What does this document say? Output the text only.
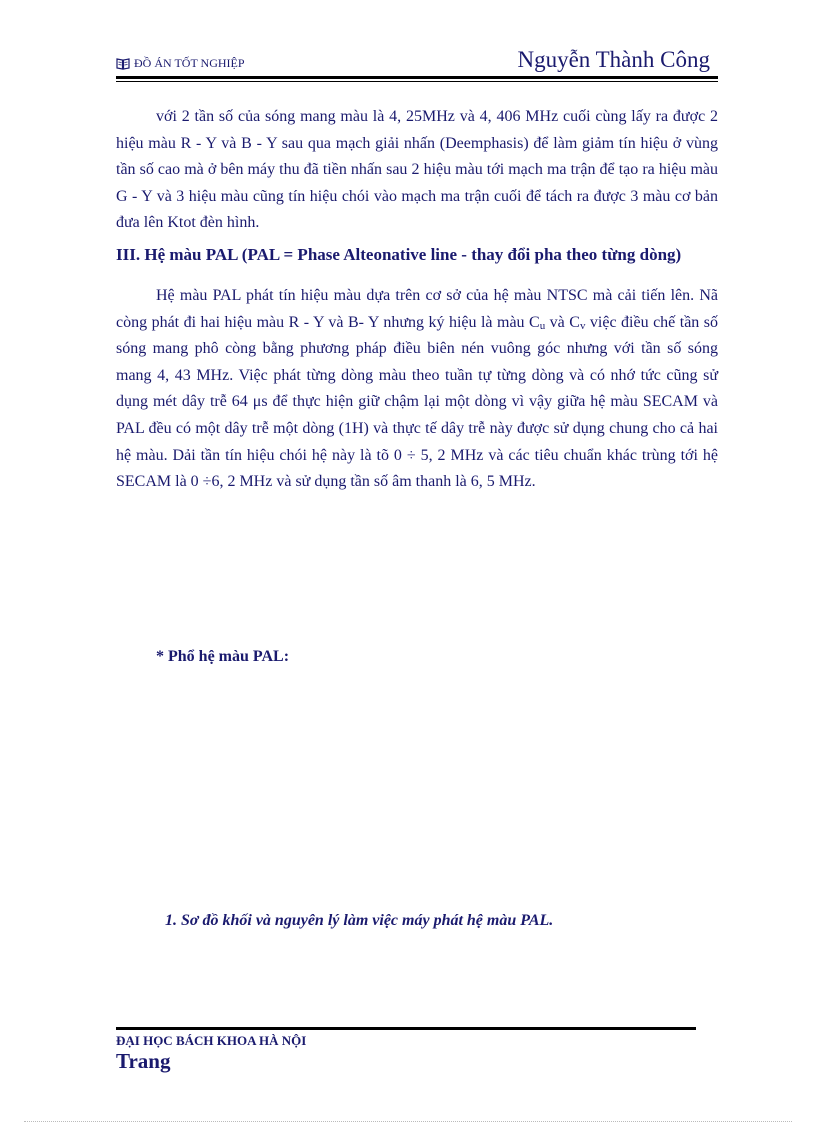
ĐỒ ÁN TỐT NGHIỆP	Nguyễn Thành Công

với 2 tần số của sóng mang màu là 4, 25MHz và 4, 406 MHz cuối cùng lấy ra được 2 hiệu màu R - Y và B - Y sau qua mạch giải nhấn (Deemphasis) để làm giảm tín hiệu ở vùng tần số cao mà ở bên máy thu đã tiền nhấn sau 2 hiệu màu tới mạch ma trận để tạo ra hiệu màu G - Y và 3 hiệu màu cũng tín hiệu chói vào mạch ma trận cuối để tách ra được 3 màu cơ bản đưa lên Ktot đèn hình.

III. Hệ màu PAL (PAL = Phase Alteonative line - thay đổi pha theo từng dòng)

Hệ màu PAL phát tín hiệu màu dựa trên cơ sở của hệ màu NTSC mà cải tiến lên. Nã còng phát đi hai hiệu màu R - Y và B- Y nhưng ký hiệu là màu $C_u$ và $C_v$ việc điều chế tần số sóng mang phô còng bằng phương pháp điều biên nén vuông góc nhưng với tần số sóng mang 4, 43 MHz. Việc phát từng dòng màu theo tuần tự từng dòng và có nhớ tức cũng sử dụng mét dây trễ 64 μs để thực hiện giữ chậm lại một dòng vì vậy giữa hệ màu SECAM và PAL đều có một dây trễ một dòng (1H) và thực tế dây trễ này được sử dụng chung cho cả hai hệ màu. Dải tần tín hiệu chói hệ này là tõ 0 ÷ 5, 2 MHz và các tiêu chuẩn khác trùng tới hệ SECAM là 0 ÷6, 2 MHz và sử dụng tần số âm thanh là 6, 5 MHz.

* Phổ hệ màu PAL:
1. Sơ đồ khối và nguyên lý làm việc máy phát hệ màu PAL.
ĐẠI HỌC BÁCH KHOA HÀ NỘI
Trang
